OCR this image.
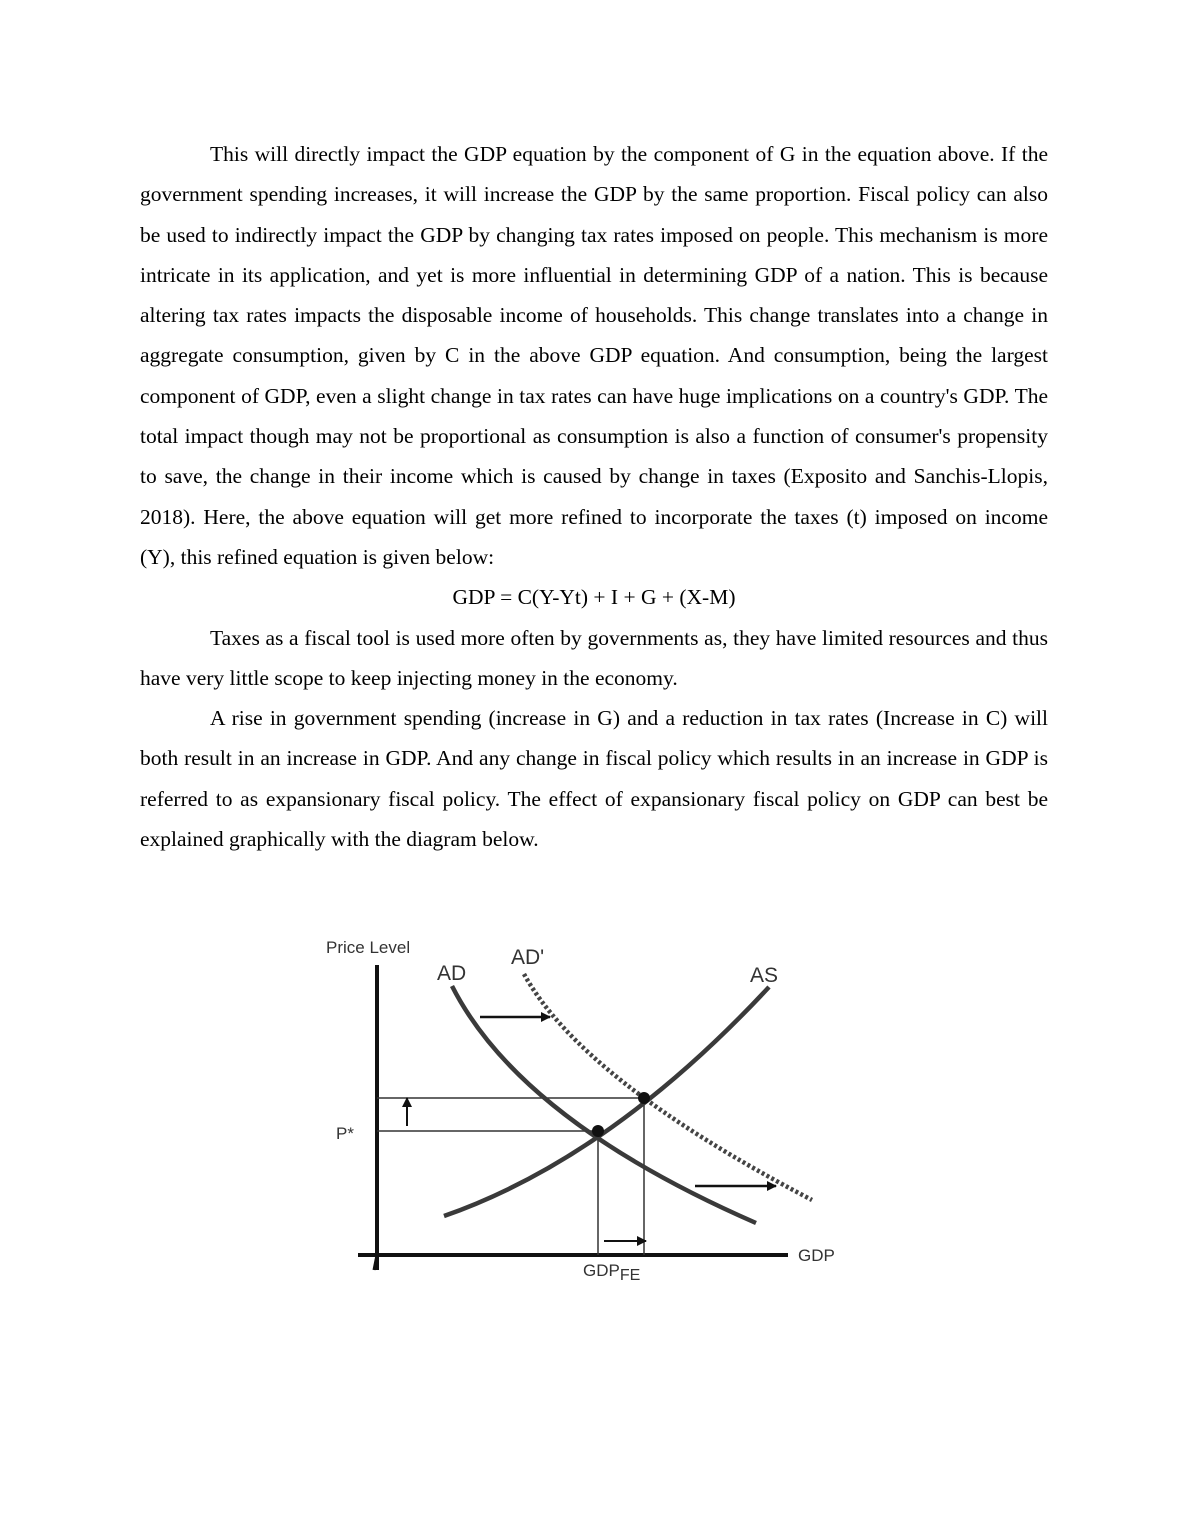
This will directly impact the GDP equation by the component of G in the equation above. If the government spending increases, it will increase the GDP by the same proportion. Fiscal policy can also be used to indirectly impact the GDP by changing tax rates imposed on people. This mechanism is more intricate in its application, and yet is more influential in determining GDP of a nation. This is because altering tax rates impacts the disposable income of households. This change translates into a change in aggregate consumption, given by C in the above GDP equation. And consumption, being the largest component of GDP, even a slight change in tax rates can have huge implications on a country's GDP. The total impact though may not be proportional as consumption is also a function of consumer's propensity to save, the change in their income which is caused by change in taxes (Exposito and Sanchis-Llopis, 2018). Here, the above equation will get more refined to incorporate the taxes (t) imposed on income (Y), this refined equation is given below:

GDP = C(Y-Yt) + I + G + (X-M)

Taxes as a fiscal tool is used more often by governments as, they have limited resources and thus have very little scope to keep injecting money in the economy.

A rise in government spending (increase in G) and a reduction in tax rates (Increase in C) will both result in an increase in GDP. And any change in fiscal policy which results in an increase in GDP is referred to as expansionary fiscal policy. The effect of expansionary fiscal policy on GDP can best be explained graphically with the diagram below.

Price Level
AD
AD'
AS
P*
GDP
GDPFE
